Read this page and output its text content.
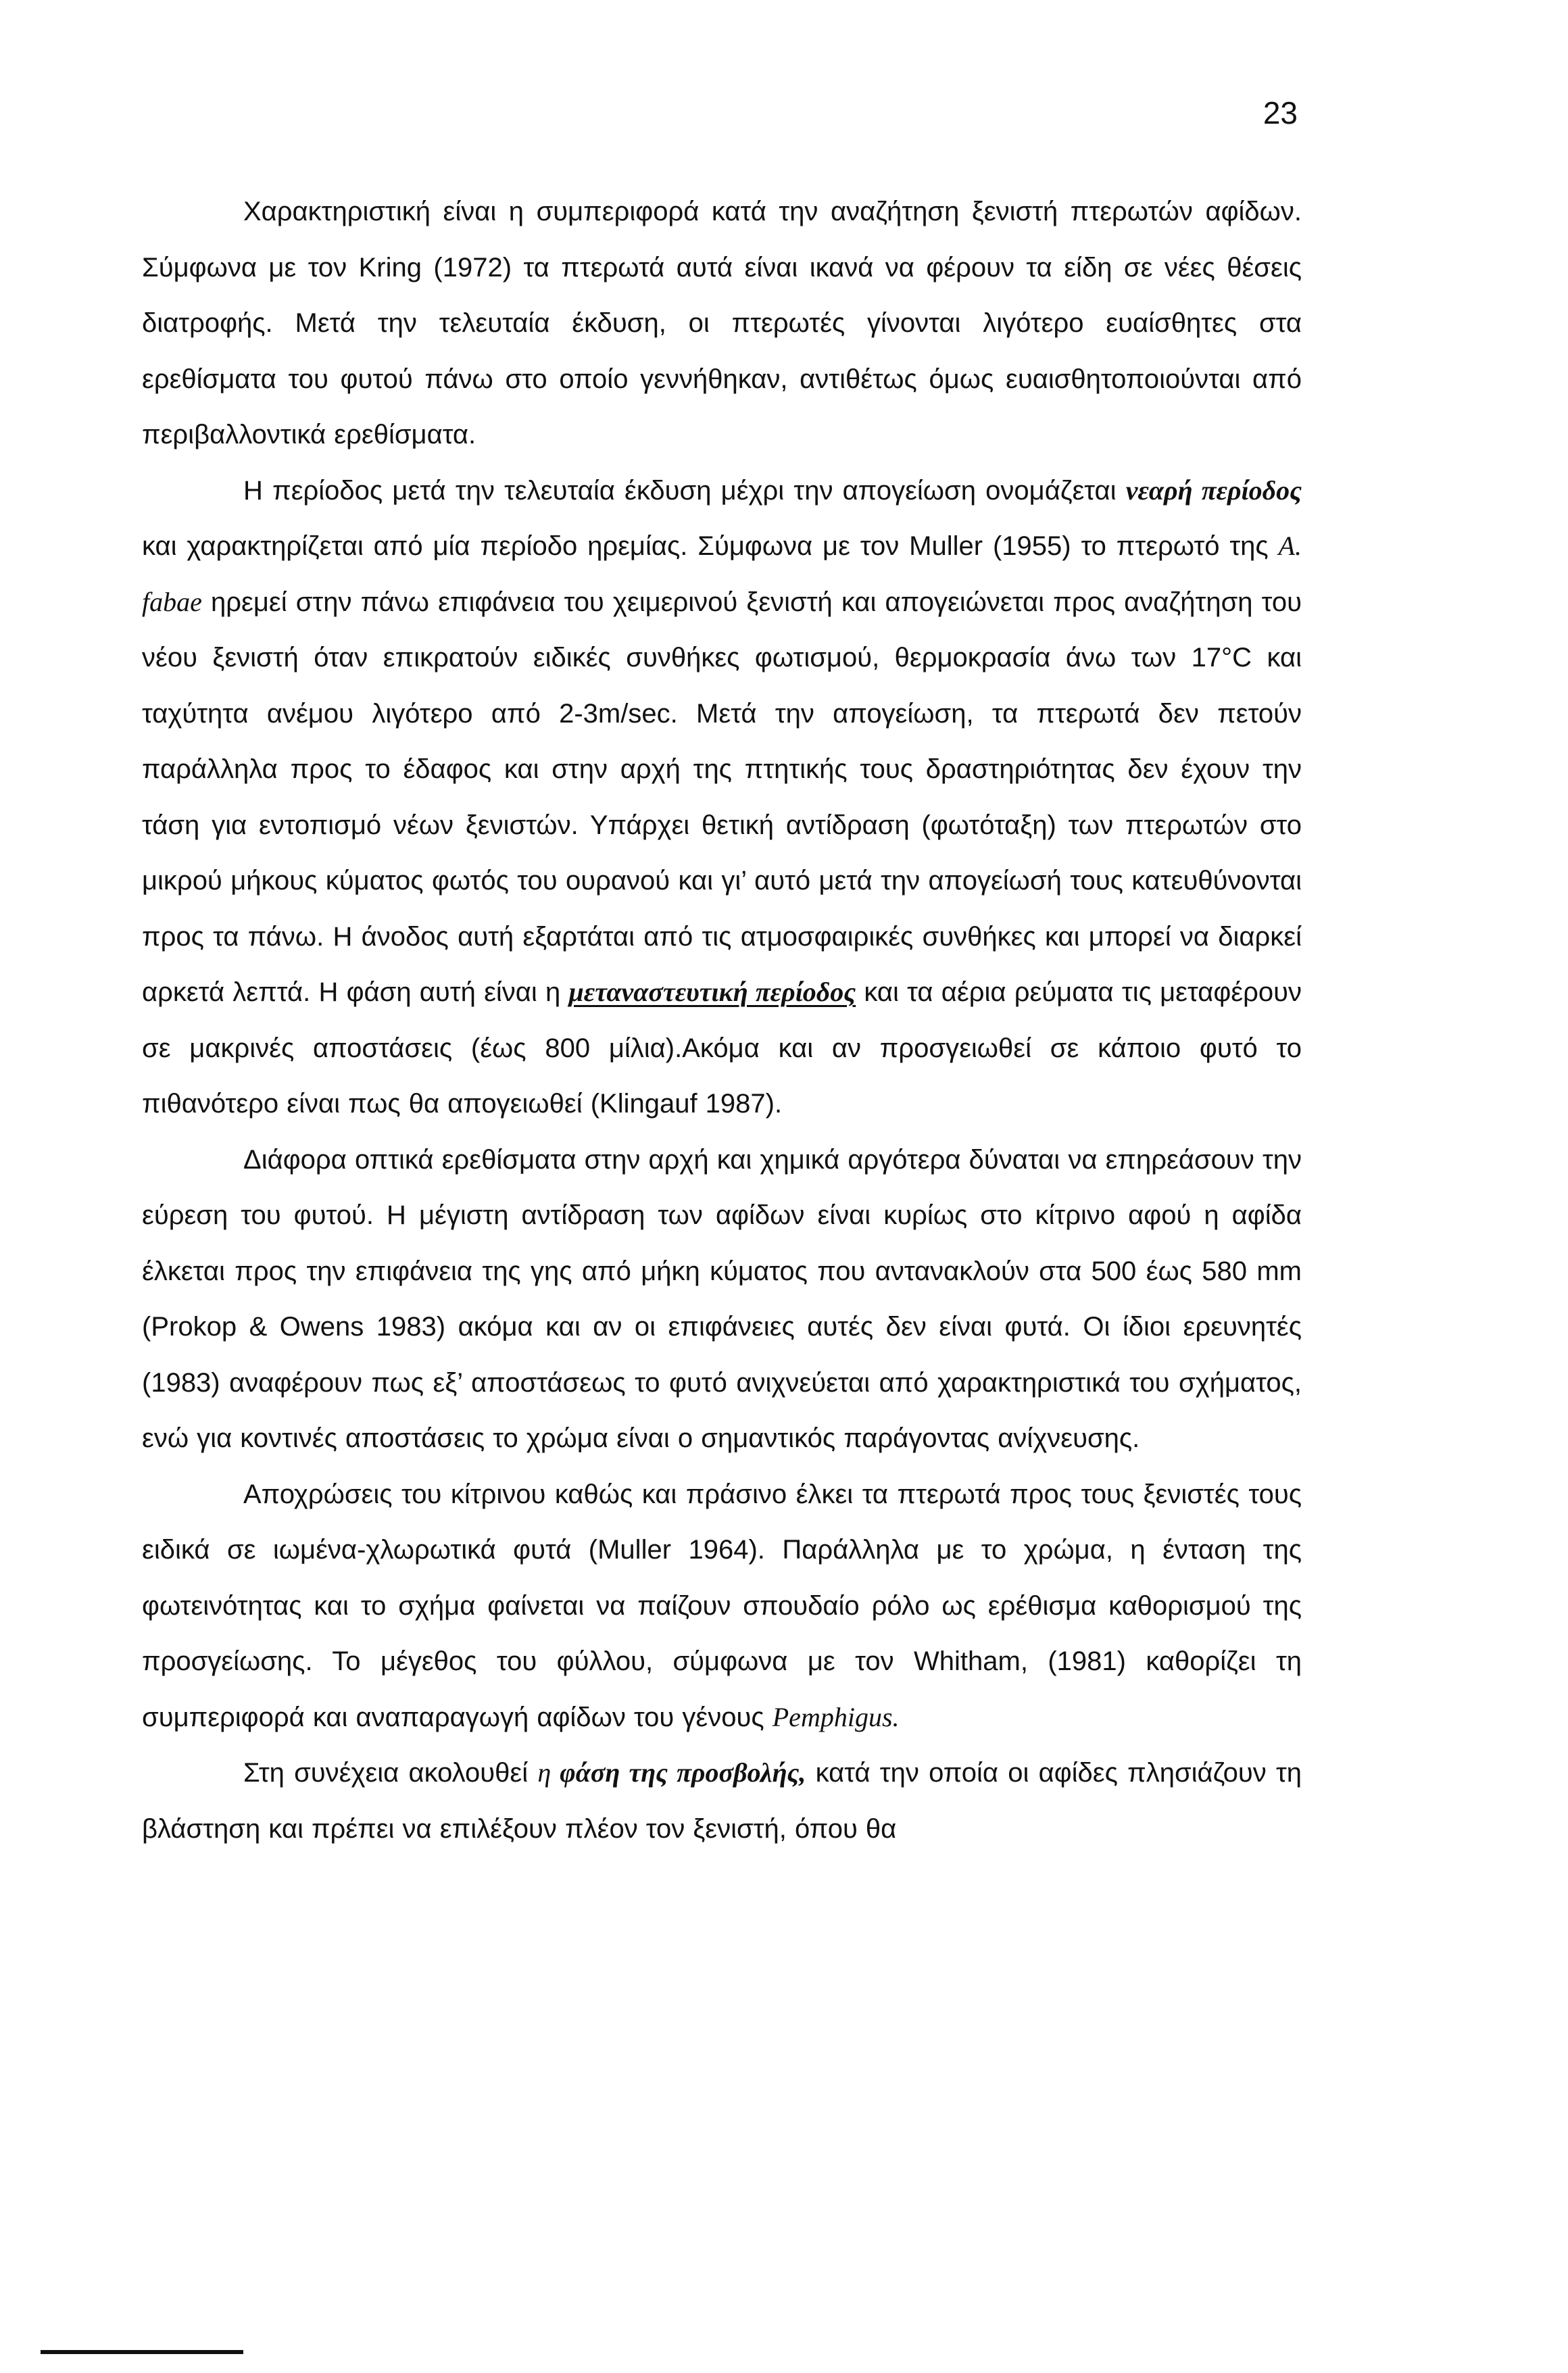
23

Χαρακτηριστική είναι η συμπεριφορά κατά την αναζήτηση ξενιστή πτερωτών αφίδων. Σύμφωνα με τον Kring (1972) τα πτερωτά αυτά είναι ικανά να φέρουν τα είδη σε νέες θέσεις διατροφής. Μετά την τελευταία έκδυση, οι πτερωτές γίνονται λιγότερο ευαίσθητες στα ερεθίσματα του φυτού πάνω στο οποίο γεννήθηκαν, αντιθέτως όμως ευαισθητοποιούνται από περιβαλλοντικά ερεθίσματα.

Η περίοδος μετά την τελευταία έκδυση μέχρι την απογείωση ονομάζεται νεαρή περίοδος και χαρακτηρίζεται από μία περίοδο ηρεμίας. Σύμφωνα με τον Muller (1955) το πτερωτό της A. fabae ηρεμεί στην πάνω επιφάνεια του χειμερινού ξενιστή και απογειώνεται προς αναζήτηση του νέου ξενιστή όταν επικρατούν ειδικές συνθήκες φωτισμού, θερμοκρασία άνω των 17°C και ταχύτητα ανέμου λιγότερο από 2-3m/sec. Μετά την απογείωση, τα πτερωτά δεν πετούν παράλληλα προς το έδαφος και στην αρχή της πτητικής τους δραστηριότητας δεν έχουν την τάση για εντοπισμό νέων ξενιστών. Υπάρχει θετική αντίδραση (φωτόταξη) των πτερωτών στο μικρού μήκους κύματος φωτός του ουρανού και γι’ αυτό μετά την απογείωσή τους κατευθύνονται προς τα πάνω. Η άνοδος αυτή εξαρτάται από τις ατμοσφαιρικές συνθήκες και μπορεί να διαρκεί αρκετά λεπτά. Η φάση αυτή είναι η μεταναστευτική περίοδος και τα αέρια ρεύματα τις μεταφέρουν σε μακρινές αποστάσεις (έως 800 μίλια).Ακόμα και αν προσγειωθεί σε κάποιο φυτό το πιθανότερο είναι πως θα απογειωθεί (Klingauf 1987).

Διάφορα οπτικά ερεθίσματα στην αρχή και χημικά αργότερα δύναται να επηρεάσουν την εύρεση του φυτού. Η μέγιστη αντίδραση των αφίδων είναι κυρίως στο κίτρινο αφού η αφίδα έλκεται προς την επιφάνεια της γης από μήκη κύματος που αντανακλούν στα 500 έως 580 mm (Prokop & Owens 1983) ακόμα και αν οι επιφάνειες αυτές δεν είναι φυτά. Οι ίδιοι ερευνητές (1983) αναφέρουν πως εξ’ αποστάσεως το φυτό ανιχνεύεται από χαρακτηριστικά του σχήματος, ενώ για κοντινές αποστάσεις το χρώμα είναι ο σημαντικός παράγοντας ανίχνευσης.

Αποχρώσεις του κίτρινου καθώς και πράσινο έλκει τα πτερωτά προς τους ξενιστές τους ειδικά σε ιωμένα-χλωρωτικά φυτά (Muller 1964). Παράλληλα με το χρώμα, η ένταση της φωτεινότητας και το σχήμα φαίνεται να παίζουν σπουδαίο ρόλο ως ερέθισμα καθορισμού της προσγείωσης. Το μέγεθος του φύλλου, σύμφωνα με τον Whitham, (1981) καθορίζει τη συμπεριφορά και αναπαραγωγή αφίδων του γένους Pemphigus.

Στη συνέχεια ακολουθεί η φάση της προσβολής, κατά την οποία οι αφίδες πλησιάζουν τη βλάστηση και πρέπει να επιλέξουν πλέον τον ξενιστή, όπου θα
